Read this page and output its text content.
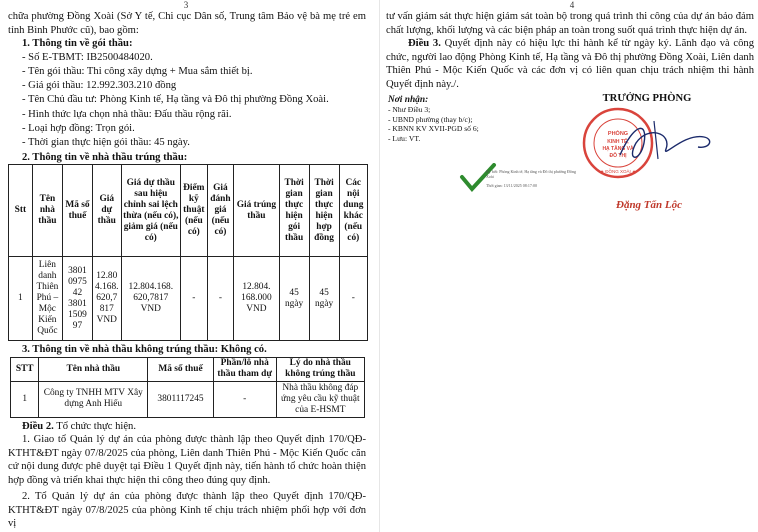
3

chữa phường Đồng Xoài (Sở Y tế, Chi cục Dân số, Trung tâm Bảo vệ bà mẹ trẻ em tỉnh Bình Phước cũ), bao gồm:

1. Thông tin về gói thầu:

- Số E-TBMT: IB2500484020.

- Tên gói thầu: Thi công xây dựng + Mua sắm thiết bị.

- Giá gói thầu: 12.992.303.210 đồng

- Tên Chủ đầu tư: Phòng Kinh tế, Hạ tầng và Đô thị phường Đồng Xoài.

- Hình thức lựa chọn nhà thầu: Đấu thầu rộng rãi.

- Loại hợp đồng: Trọn gói.

- Thời gian thực hiện gói thầu: 45 ngày.

2. Thông tin về nhà thầu trúng thầu:

Stt	Tên nhà thầu	Mã số thuế	Giá dự thầu	Giá dự thầu sau hiệu chỉnh sai lệch thừa (nếu có), giảm giá (nếu có)	Điểm kỹ thuật (nếu có)	Giá đánh giá (nếu có)	Giá trúng thầu	Thời gian thực hiện gói thầu	Thời gian thực hiện hợp đồng	Các nội dung khác (nếu có)
1	Liên danh Thiên Phú – Mộc Kiến Quốc	3801 0975 42 3801 1509 97	12.80 4.168. 620,7 817 VND	12.804.168. 620,7817 VND	-	-	12.804. 168.000 VND	45 ngày	45 ngày	-

3. Thông tin về nhà thầu không trúng thầu: Không có.

STT	Tên nhà thầu	Mã số thuế	Phần/lô nhà thầu tham dự	Lý do nhà thầu không trúng thầu
1	Công ty TNHH MTV Xây dựng Anh Hiếu	3801117245	-	Nhà thầu không đáp ứng yêu cầu kỹ thuật của E-HSMT

Điều 2. Tổ chức thực hiện.

1. Giao tổ Quản lý dự án của phòng được thành lập theo Quyết định 170/QĐ-KTHT&ĐT ngày 07/8/2025 của phòng, Liên danh Thiên Phú - Mộc Kiến Quốc căn cứ nội dung được phê duyệt tại Điều 1 Quyết định này, tiến hành tổ chức hoàn thiện hợp đồng và triển khai thực hiện thi công theo đúng quy định.

2. Tổ Quản lý dự án của phòng được thành lập theo Quyết định 170/QĐ-KTHT&ĐT ngày 07/8/2025 của phòng Kinh tế chịu trách nhiệm phối hợp với đơn vị

4

tư vấn giám sát thực hiện giám sát toàn bộ trong quá trình thi công của dự án bảo đảm chất lượng, khối lượng và các biện pháp an toàn trong suốt quá trình thực hiện dự án.

Điều 3. Quyết định này có hiệu lực thi hành kể từ ngày ký. Lãnh đạo và công chức, người lao động Phòng Kinh tế, Hạ tầng và Đô thị phường Đồng Xoài, Liên danh Thiên Phú - Mộc Kiến Quốc và các đơn vị có liên quan chịu trách nhiệm thi hành Quyết định này./.

Nơi nhận:
- Như Điều 3;
- UBND phường (thay b/c);
- KBNN KV XVII-PGD số 6;
- Lưu: VT.
TRƯỞNG PHÒNG
Ký bởi: Phòng Kinh tế, Hạ tầng và Đô thị phường Đồng Xoài
Thời gian: 13/11/2025 08:17:00
PHÒNG
KINH TẾ,
HẠ TẦNG VÀ
ĐÔ THỊ
★ ĐỒNG XOÀI ★
Đặng Tấn Lộc
